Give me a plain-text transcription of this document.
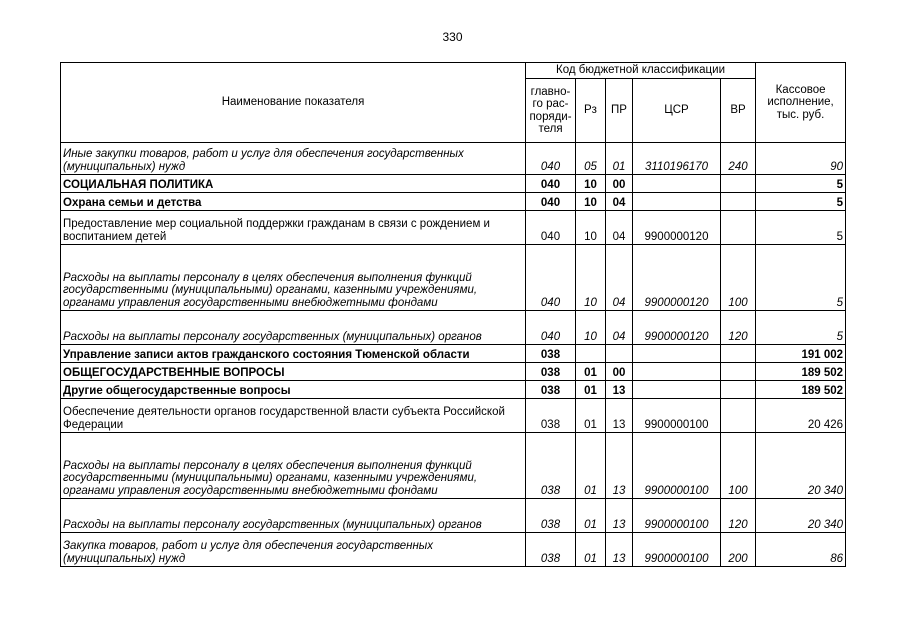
330
Наименование показателя	Код бюджетной классификации					Кассовое исполнение, тыс. руб.
	главно-го рас-поряди-теля	Рз	ПР	ЦСР	ВР	
Иные закупки товаров, работ и услуг для обеспечения государственных (муниципальных) нужд	040	05	01	3110196170	240	90
СОЦИАЛЬНАЯ ПОЛИТИКА	040	10	00			5
Охрана семьи и детства	040	10	04			5
Предоставление мер социальной поддержки гражданам в связи с рождением и воспитанием детей	040	10	04	9900000120		5
Расходы на выплаты персоналу в целях обеспечения выполнения функций государственными (муниципальными) органами, казенными учреждениями, органами управления государственными внебюджетными фондами	040	10	04	9900000120	100	5
Расходы на выплаты персоналу государственных (муниципальных) органов	040	10	04	9900000120	120	5
Управление записи актов гражданского состояния Тюменской области	038					191 002
ОБЩЕГОСУДАРСТВЕННЫЕ ВОПРОСЫ	038	01	00			189 502
Другие общегосударственные вопросы	038	01	13			189 502
Обеспечение деятельности органов государственной власти субъекта Российской Федерации	038	01	13	9900000100		20 426
Расходы на выплаты персоналу в целях обеспечения выполнения функций государственными (муниципальными) органами, казенными учреждениями, органами управления государственными внебюджетными фондами	038	01	13	9900000100	100	20 340
Расходы на выплаты персоналу государственных (муниципальных) органов	038	01	13	9900000100	120	20 340
Закупка товаров, работ и услуг для обеспечения государственных (муниципальных) нужд	038	01	13	9900000100	200	86
